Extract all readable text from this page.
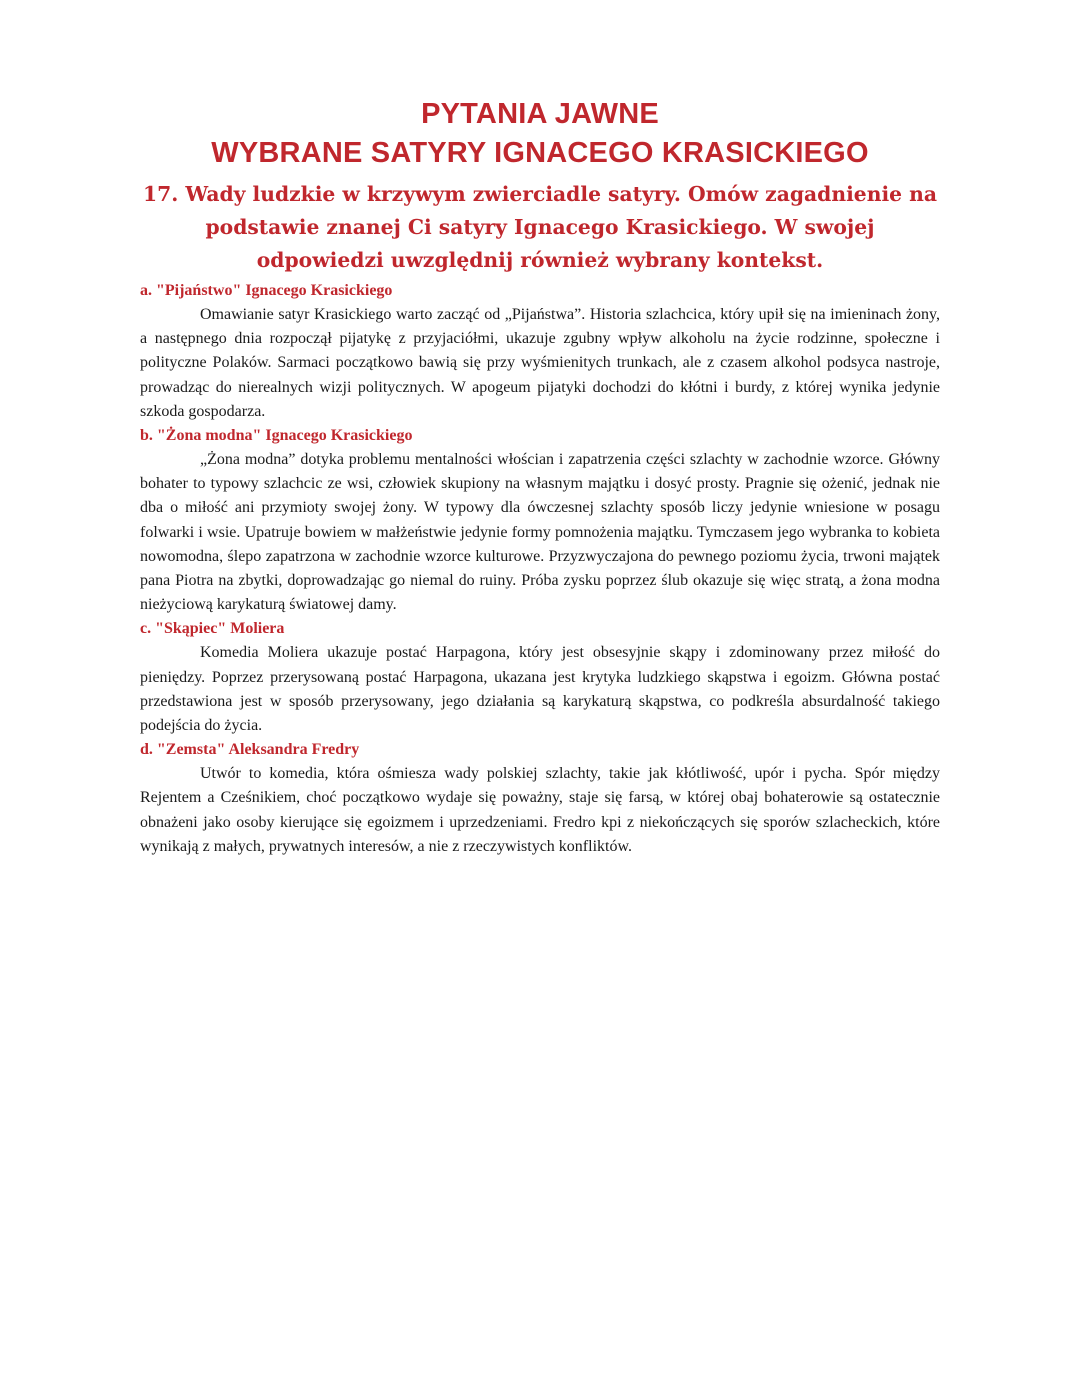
PYTANIA JAWNE
WYBRANE SATYRY IGNACEGO KRASICKIEGO

17. Wady ludzkie w krzywym zwierciadle satyry. Omów zagadnienie na podstawie znanej Ci satyry Ignacego Krasickiego. W swojej odpowiedzi uwzględnij również wybrany kontekst.

a. "Pijaństwo" Ignacego Krasickiego

Omawianie satyr Krasickiego warto zacząć od „Pijaństwa”. Historia szlachcica, który upił się na imieninach żony, a następnego dnia rozpoczął pijatykę z przyjaciółmi, ukazuje zgubny wpływ alkoholu na życie rodzinne, społeczne i polityczne Polaków. Sarmaci początkowo bawią się przy wyśmienitych trunkach, ale z czasem alkohol podsyca nastroje, prowadząc do nierealnych wizji politycznych. W apogeum pijatyki dochodzi do kłótni i burdy, z której wynika jedynie szkoda gospodarza.

b. "Żona modna" Ignacego Krasickiego

„Żona modna” dotyka problemu mentalności włościan i zapatrzenia części szlachty w zachodnie wzorce. Główny bohater to typowy szlachcic ze wsi, człowiek skupiony na własnym majątku i dosyć prosty. Pragnie się ożenić, jednak nie dba o miłość ani przymioty swojej żony. W typowy dla ówczesnej szlachty sposób liczy jedynie wniesione w posagu folwarki i wsie. Upatruje bowiem w małżeństwie jedynie formy pomnożenia majątku. Tymczasem jego wybranka to kobieta nowomodna, ślepo zapatrzona w zachodnie wzorce kulturowe. Przyzwyczajona do pewnego poziomu życia, trwoni majątek pana Piotra na zbytki, doprowadzając go niemal do ruiny. Próba zysku poprzez ślub okazuje się więc stratą, a żona modna nieżyciową karykaturą światowej damy.

c. "Skąpiec" Moliera

Komedia Moliera ukazuje postać Harpagona, który jest obsesyjnie skąpy i zdominowany przez miłość do pieniędzy. Poprzez przerysowaną postać Harpagona, ukazana jest krytyka ludzkiego skąpstwa i egoizm. Główna postać przedstawiona jest w sposób przerysowany, jego działania są karykaturą skąpstwa, co podkreśla absurdalność takiego podejścia do życia.

d. "Zemsta" Aleksandra Fredry

Utwór to komedia, która ośmiesza wady polskiej szlachty, takie jak kłótliwość, upór i pycha. Spór między Rejentem a Cześnikiem, choć początkowo wydaje się poważny, staje się farsą, w której obaj bohaterowie są ostatecznie obnażeni jako osoby kierujące się egoizmem i uprzedzeniami. Fredro kpi z niekończących się sporów szlacheckich, które wynikają z małych, prywatnych interesów, a nie z rzeczywistych konfliktów.
